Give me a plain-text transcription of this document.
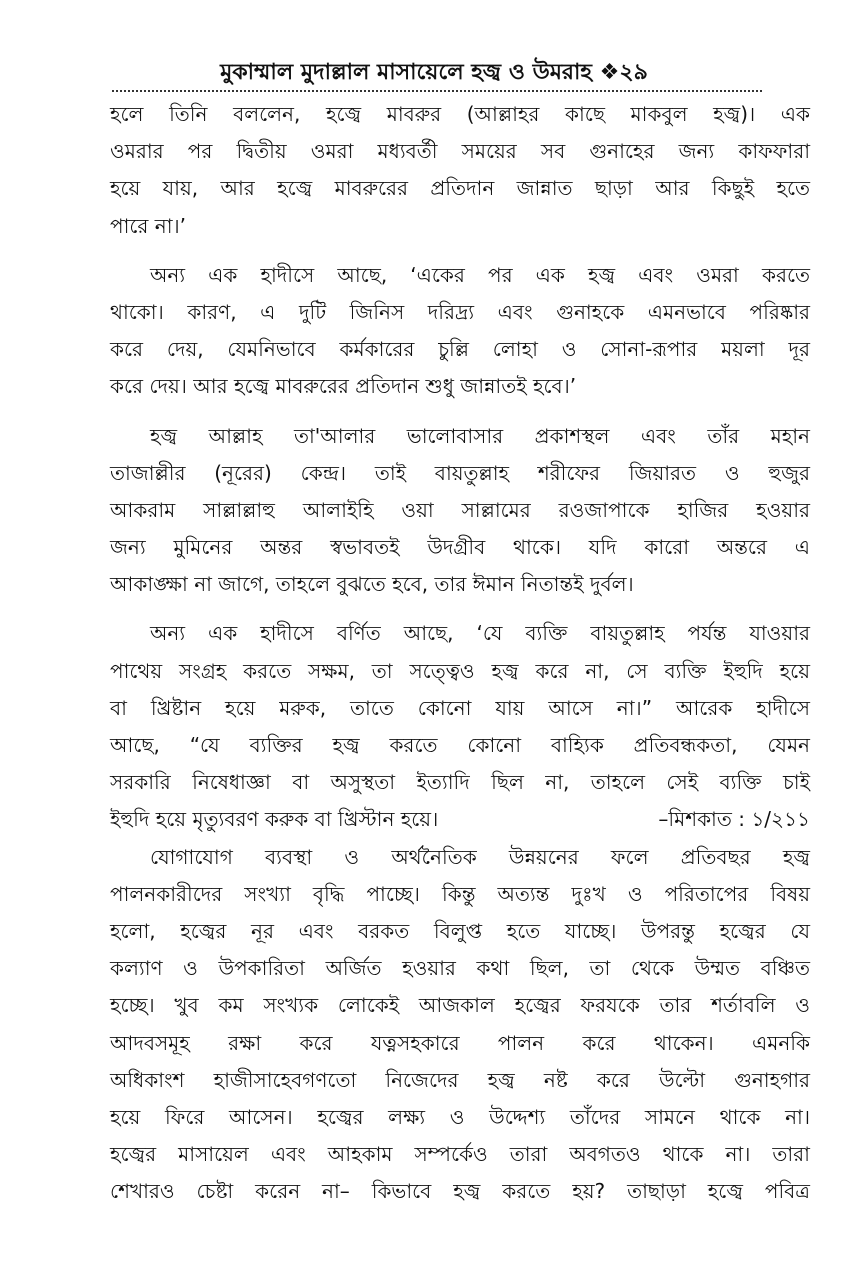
মুকাম্মাল মুদাল্লাল মাসায়েলে হজ্ব ও উমরাহ ❖২৯
হলে তিনি বললেন, হজ্বে মাবরুর (আল্লাহর কাছে মাকবুল হজ্ব)। এক
ওমরার পর দ্বিতীয় ওমরা মধ্যবর্তী সময়ের সব গুনাহের জন্য কাফফারা
হয়ে যায়, আর হজ্বে মাবরুরের প্রতিদান জান্নাত ছাড়া আর কিছুই হতে
পারে না।’
অন্য এক হাদীসে আছে, ‘একের পর এক হজ্ব এবং ওমরা করতে
থাকো। কারণ, এ দুটি জিনিস দরিদ্র্য এবং গুনাহকে এমনভাবে পরিষ্কার
করে দেয়, যেমনিভাবে কর্মকারের চুল্লি লোহা ও সোনা-রূপার ময়লা দূর
করে দেয়। আর হজ্বে মাবরুরের প্রতিদান শুধু জান্নাতই হবে।’
হজ্ব আল্লাহ তা'আলার ভালোবাসার প্রকাশস্থল এবং তাঁর মহান
তাজাল্লীর (নূরের) কেন্দ্র। তাই বায়তুল্লাহ শরীফের জিয়ারত ও হুজুর
আকরাম সাল্লাল্লাহু আলাইহি ওয়া সাল্লামের রওজাপাকে হাজির হওয়ার
জন্য মুমিনের অন্তর স্বভাবতই উদগ্রীব থাকে। যদি কারো অন্তরে এ
আকাঙ্ক্ষা না জাগে, তাহলে বুঝতে হবে, তার ঈমান নিতান্তই দুর্বল।
অন্য এক হাদীসে বর্ণিত আছে, ‘যে ব্যক্তি বায়তুল্লাহ পর্যন্ত যাওয়ার
পাথেয় সংগ্রহ করতে সক্ষম, তা সত্ত্বেও হজ্ব করে না, সে ব্যক্তি ইহুদি হয়ে
বা খ্রিষ্টান হয়ে মরুক, তাতে কোনো যায় আসে না।” আরেক হাদীসে
আছে, “যে ব্যক্তির হজ্ব করতে কোনো বাহ্যিক প্রতিবন্ধকতা, যেমন
সরকারি নিষেধাজ্ঞা বা অসুস্থতা ইত্যাদি ছিল না, তাহলে সেই ব্যক্তি চাই
ইহুদি হয়ে মৃত্যুবরণ করুক বা খ্রিস্টান হয়ে।	–মিশকাত : ১/২১১
যোগাযোগ ব্যবস্থা ও অর্থনৈতিক উন্নয়নের ফলে প্রতিবছর হজ্ব
পালনকারীদের সংখ্যা বৃদ্ধি পাচ্ছে। কিন্তু অত্যন্ত দুঃখ ও পরিতাপের বিষয়
হলো, হজ্বের নূর এবং বরকত বিলুপ্ত হতে যাচ্ছে। উপরন্তু হজ্বের যে
কল্যাণ ও উপকারিতা অর্জিত হওয়ার কথা ছিল, তা থেকে উম্মত বঞ্চিত
হচ্ছে। খুব কম সংখ্যক লোকেই আজকাল হজ্বের ফরযকে তার শর্তাবলি ও
আদবসমূহ রক্ষা করে যত্নসহকারে পালন করে থাকেন। এমনকি
অধিকাংশ হাজীসাহেবগণতো নিজেদের হজ্ব নষ্ট করে উল্টো গুনাহগার
হয়ে ফিরে আসেন। হজ্বের লক্ষ্য ও উদ্দেশ্য তাঁদের সামনে থাকে না।
হজ্বের মাসায়েল এবং আহকাম সম্পর্কেও তারা অবগতও থাকে না। তারা
শেখারও চেষ্টা করেন না– কিভাবে হজ্ব করতে হয়? তাছাড়া হজ্বে পবিত্র
